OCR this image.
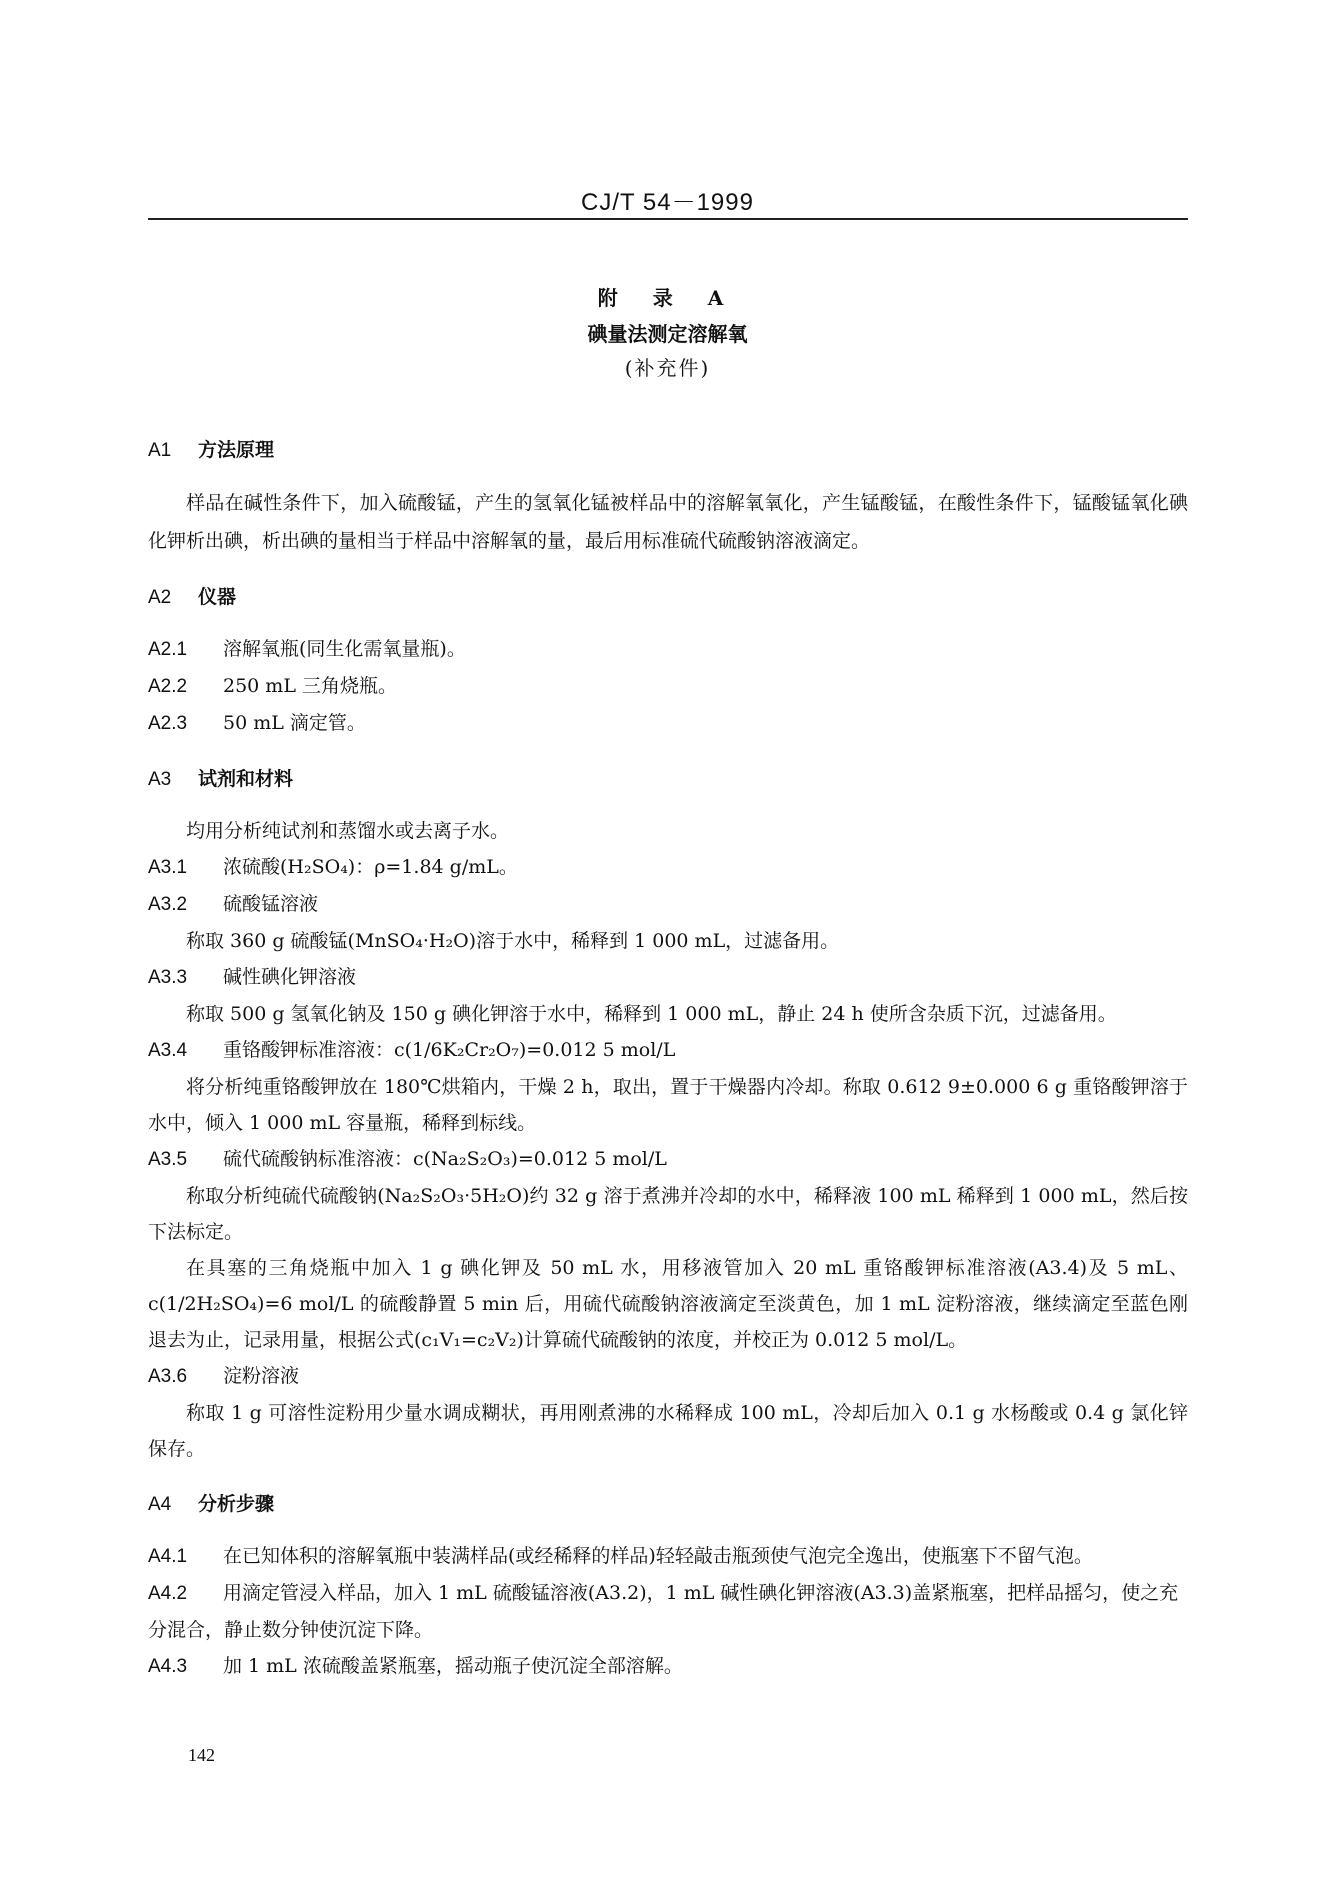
CJ/T 54－1999
附 录 A
碘量法测定溶解氧
(补充件)
A1 方法原理
样品在碱性条件下，加入硫酸锰，产生的氢氧化锰被样品中的溶解氧氧化，产生锰酸锰，在酸性条件下，锰酸锰氧化碘化钾析出碘，析出碘的量相当于样品中溶解氧的量，最后用标准硫代硫酸钠溶液滴定。
A2 仪器
A2.1 溶解氧瓶(同生化需氧量瓶)。
A2.2 250 mL 三角烧瓶。
A2.3 50 mL 滴定管。
A3 试剂和材料
均用分析纯试剂和蒸馏水或去离子水。
A3.1 浓硫酸(H₂SO₄)：ρ=1.84 g/mL。
A3.2 硫酸锰溶液
称取 360 g 硫酸锰(MnSO₄·H₂O)溶于水中，稀释到 1 000 mL，过滤备用。
A3.3 碱性碘化钾溶液
称取 500 g 氢氧化钠及 150 g 碘化钾溶于水中，稀释到 1 000 mL，静止 24 h 使所含杂质下沉，过滤备用。
A3.4 重铬酸钾标准溶液：c(1/6K₂Cr₂O₇)=0.012 5 mol/L
将分析纯重铬酸钾放在 180℃烘箱内，干燥 2 h，取出，置于干燥器内冷却。称取 0.612 9±0.000 6 g 重铬酸钾溶于水中，倾入 1 000 mL 容量瓶，稀释到标线。
A3.5 硫代硫酸钠标准溶液：c(Na₂S₂O₃)=0.012 5 mol/L
称取分析纯硫代硫酸钠(Na₂S₂O₃·5H₂O)约 32 g 溶于煮沸并冷却的水中，稀释液 100 mL 稀释到 1 000 mL，然后按下法标定。
在具塞的三角烧瓶中加入 1 g 碘化钾及 50 mL 水，用移液管加入 20 mL 重铬酸钾标准溶液(A3.4)及 5 mL、c(1/2H₂SO₄)=6 mol/L 的硫酸静置 5 min 后，用硫代硫酸钠溶液滴定至淡黄色，加 1 mL 淀粉溶液，继续滴定至蓝色刚退去为止，记录用量，根据公式(c₁V₁=c₂V₂)计算硫代硫酸钠的浓度，并校正为 0.012 5 mol/L。
A3.6 淀粉溶液
称取 1 g 可溶性淀粉用少量水调成糊状，再用刚煮沸的水稀释成 100 mL，冷却后加入 0.1 g 水杨酸或 0.4 g 氯化锌保存。
A4 分析步骤
A4.1 在已知体积的溶解氧瓶中装满样品(或经稀释的样品)轻轻敲击瓶颈使气泡完全逸出，使瓶塞下不留气泡。
A4.2 用滴定管浸入样品，加入 1 mL 硫酸锰溶液(A3.2)，1 mL 碱性碘化钾溶液(A3.3)盖紧瓶塞，把样品摇匀，使之充分混合，静止数分钟使沉淀下降。
A4.3 加 1 mL 浓硫酸盖紧瓶塞，摇动瓶子使沉淀全部溶解。
142
